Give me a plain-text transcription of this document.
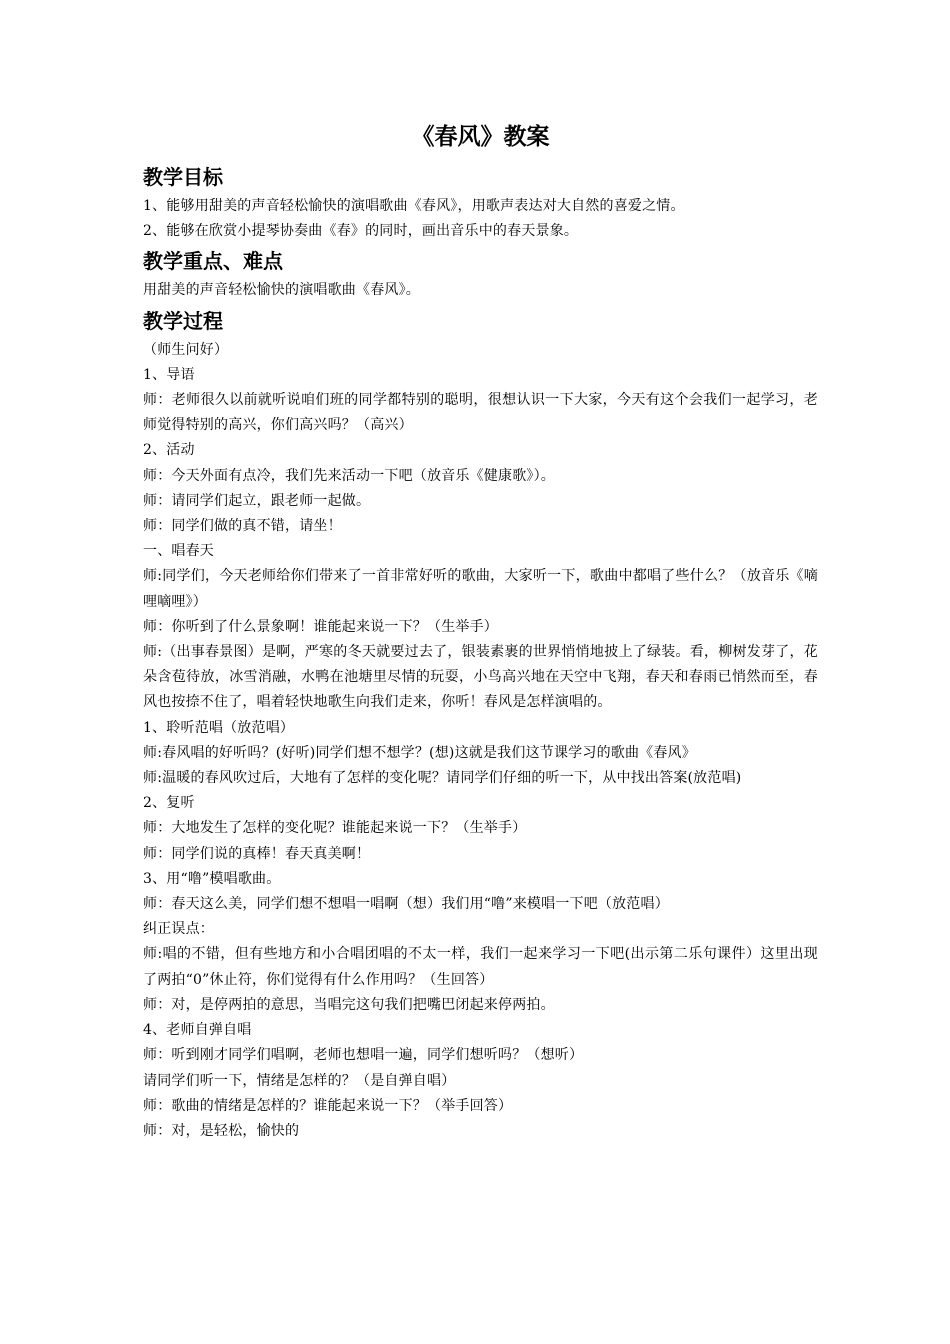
《春风》教案
教学目标

1、能够用甜美的声音轻松愉快的演唱歌曲《春风》，用歌声表达对大自然的喜爱之情。

2、能够在欣赏小提琴协奏曲《春》的同时，画出音乐中的春天景象。

教学重点、难点

用甜美的声音轻松愉快的演唱歌曲《春风》。

教学过程

（师生问好）

1、导语

师：老师很久以前就听说咱们班的同学都特别的聪明，很想认识一下大家，今天有这个会我们一起学习，老师觉得特别的高兴，你们高兴吗？（高兴）

2、活动

师：今天外面有点冷，我们先来活动一下吧（放音乐《健康歌》）。

师：请同学们起立，跟老师一起做。

师：同学们做的真不错，请坐！

一、唱春天

师:同学们，今天老师给你们带来了一首非常好听的歌曲，大家听一下，歌曲中都唱了些什么？（放音乐《嘀哩嘀哩》）

师：你听到了什么景象啊！谁能起来说一下？（生举手）

师:（出事春景图）是啊，严寒的冬天就要过去了，银装素裹的世界悄悄地披上了绿装。看，柳树发芽了，花朵含苞待放，冰雪消融，水鸭在池塘里尽情的玩耍，小鸟高兴地在天空中飞翔，春天和春雨已悄然而至，春风也按捺不住了，唱着轻快地歌生向我们走来，你听！春风是怎样演唱的。

1、聆听范唱（放范唱）

师:春风唱的好听吗？(好听)同学们想不想学？(想)这就是我们这节课学习的歌曲《春风》

师:温暖的春风吹过后，大地有了怎样的变化呢？请同学们仔细的听一下，从中找出答案(放范唱)

2、复听

师：大地发生了怎样的变化呢？谁能起来说一下？（生举手）

师：同学们说的真棒！春天真美啊！

3、用“噜”模唱歌曲。

师：春天这么美，同学们想不想唱一唱啊（想）我们用“噜”来模唱一下吧（放范唱）

纠正误点：

师:唱的不错，但有些地方和小合唱团唱的不太一样，我们一起来学习一下吧(出示第二乐句课件）这里出现了两拍“0”休止符，你们觉得有什么作用吗？（生回答）

师：对，是停两拍的意思，当唱完这句我们把嘴巴闭起来停两拍。

4、老师自弹自唱

师：听到刚才同学们唱啊，老师也想唱一遍，同学们想听吗？（想听）

请同学们听一下，情绪是怎样的？（是自弹自唱）

师：歌曲的情绪是怎样的？谁能起来说一下？（举手回答）

师：对，是轻松，愉快的
